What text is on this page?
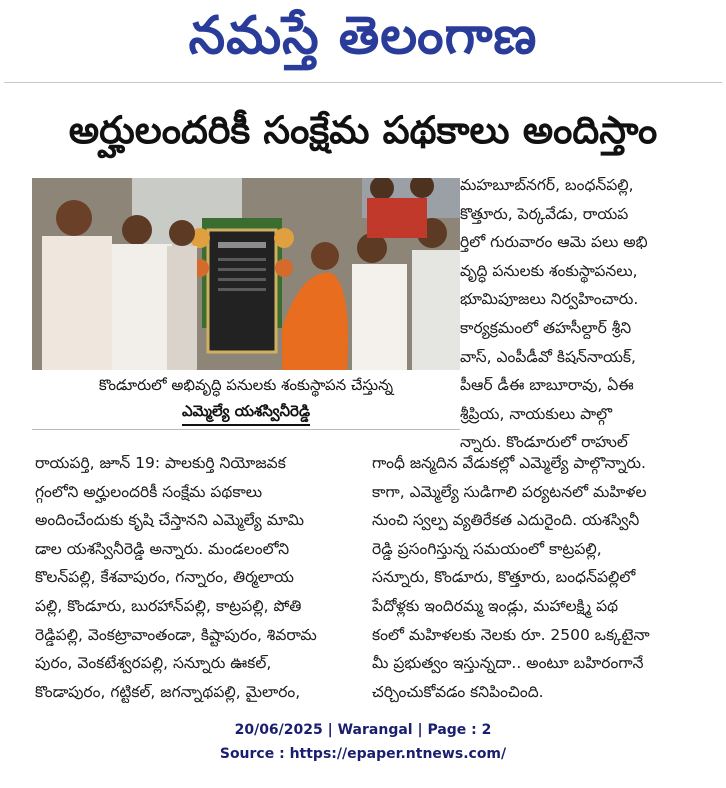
నమస్తే తెలంగాణ
అర్హులందరికీ సంక్షేమ పథకాలు అందిస్తాం
కొండూరులో అభివృద్ధి పనులకు శంకుస్థాపన చేస్తున్న
ఎమ్మెల్యే యశస్వినీరెడ్డి

మహబూబ్‌నగర్, బంధన్‌పల్లి,

కొత్తూరు, పెర్కవేడు, రాయప

ర్తిలో గురువారం ఆమె పలు అభి

వృద్ధి పనులకు శంకుస్థాపనలు,

భూమిపూజలు నిర్వహించారు.

కార్యక్రమంలో తహసీల్దార్ శ్రీని

వాస్, ఎంపీడీవో కిషన్‌నాయక్,

పీఆర్ డీఈ బాబూరావు, ఏఈ

శ్రీప్రియ, నాయకులు పాల్గొ

న్నారు. కొండూరులో రాహుల్

రాయపర్తి, జూన్ 19: పాలకుర్తి నియోజవక

గ్గంలోని అర్హులందరికీ సంక్షేమ పథకాలు

అందించేందుకు కృషి చేస్తానని ఎమ్మెల్యే మామి

డాల యశస్వినీరెడ్డి అన్నారు. మండలంలోని

కొలన్‌పల్లి, కేశవాపురం, గన్నారం, తిర్మలాయ

పల్లి, కొండూరు, బురహాన్‌పల్లి, కాట్రపల్లి, పోతి

రెడ్డిపల్లి, వెంకట్రావాంతండా, కిష్టాపురం, శివరామ

పురం, వెంకటేశ్వరపల్లి, సన్నూరు ఊకల్,

కొండాపురం, గట్టికల్, జగన్నాథపల్లి, మైలారం,

గాంధీ జన్మదిన వేడుకల్లో ఎమ్మెల్యే పాల్గొన్నారు.

కాగా, ఎమ్మెల్యే సుడిగాలి పర్యటనలో మహిళల

నుంచి స్వల్ప వ్యతిరేకత ఎదురైంది. యశస్వినీ

రెడ్డి ప్రసంగిస్తున్న సమయంలో కాట్రపల్లి,

సన్నూరు, కొండూరు, కొత్తూరు, బంధన్‌పల్లిలో

పేదోళ్లకు ఇందిరమ్మ ఇండ్లు, మహాలక్ష్మి పథ

కంలో మహిళలకు నెలకు రూ. 2500 ఒక్కటైనా

మీ ప్రభుత్వం ఇస్తున్నదా.. అంటూ బహిరంగానే

చర్చించుకోవడం కనిపించింది.

20/06/2025 | Warangal | Page : 2
Source : https://epaper.ntnews.com/
